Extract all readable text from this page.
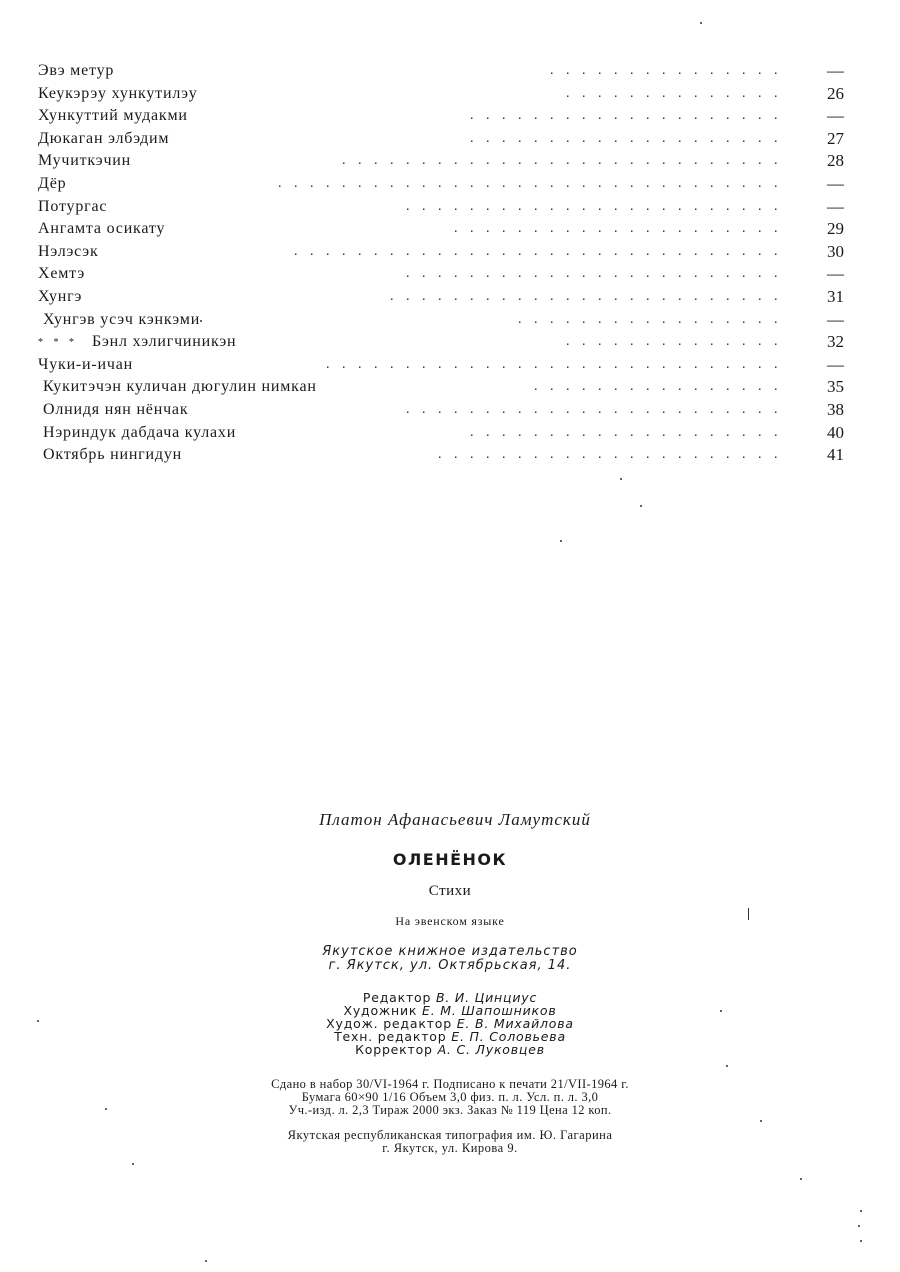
...............
Эвэ метур	—
..............
Кеукэрэу хункутилэу	26
....................
Хункуттий мудакми	—
....................
Дюкаган элбэдим	27
............................
Мучиткэчин	28
................................
Дёр	—
........................
Потургас	—
.....................
Ангамта осикату	29
...............................
Нэлэсэк	30
........................
Хемтэ	—
.........................
Хунгэ	31
.................
Хунгэв усэч кэнкэми	—
..............
* * * Бэнл хэлигчиникэн	32
.............................
Чуки-и-ичан	—
................
Кукитэчэн куличан дюгулин нимкан	35
........................
Олнидя нян нёнчак	38
....................
Нэриндук дабдача кулахи	40
......................
Октябрь нингидун	41
Платон Афанасьевич Ламутский
ОЛЕНЁНОК
Стихи
На эвенском языке
Якутское книжное издательство
г. Якутск, ул. Октябрьская, 14.
Редактор В. И. Цинциус
Художник Е. М. Шапошников
Худож. редактор Е. В. Михайлова
Техн. редактор Е. П. Соловьева
Корректор А. С. Луковцев
Сдано в набор 30/VI-1964 г. Подписано к печати 21/VII-1964 г.
Бумага 60×90 1/16 Объем 3,0 физ. п. л. Усл. п. л. 3,0
Уч.-изд. л. 2,3 Тираж 2000 экз. Заказ № 119 Цена 12 коп.
Якутская республиканская типография им. Ю. Гагарина
г. Якутск, ул. Кирова 9.
